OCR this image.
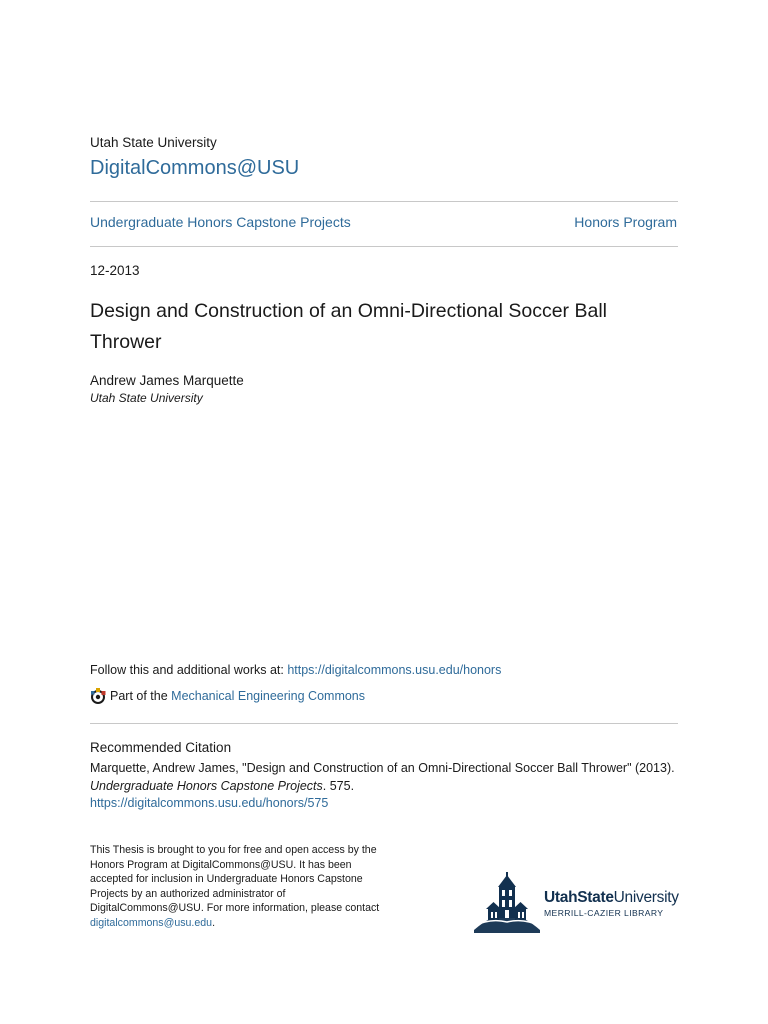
Utah State University
DigitalCommons@USU
Undergraduate Honors Capstone Projects	Honors Program
12-2013
Design and Construction of an Omni-Directional Soccer Ball Thrower
Andrew James Marquette
Utah State University
Follow this and additional works at: https://digitalcommons.usu.edu/honors
Part of the Mechanical Engineering Commons
Recommended Citation
Marquette, Andrew James, "Design and Construction of an Omni-Directional Soccer Ball Thrower" (2013).
Undergraduate Honors Capstone Projects. 575.
https://digitalcommons.usu.edu/honors/575
This Thesis is brought to you for free and open access by the Honors Program at DigitalCommons@USU. It has been accepted for inclusion in Undergraduate Honors Capstone Projects by an authorized administrator of DigitalCommons@USU. For more information, please contact digitalcommons@usu.edu.
UtahStateUniversity
MERRILL-CAZIER LIBRARY
